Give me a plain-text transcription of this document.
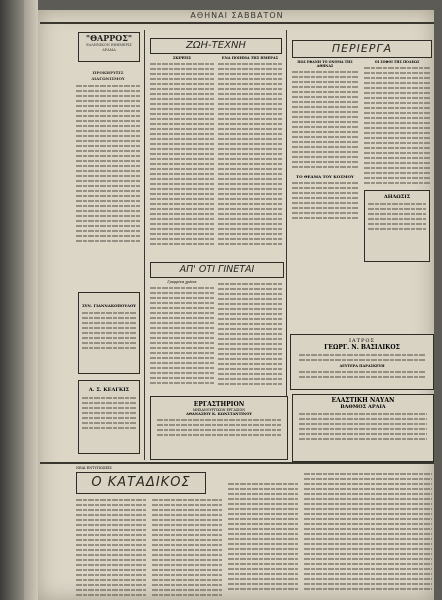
ΑΘΗΝΑΙ ΣΑΒΒΑΤΟΝ
"ΘΑΡΡΟΣ"
ΕΛΛΗΝΙΚΟΝ ΕΦΗΜΕΡΙΣ ΔΡΑΜΑ
ΠΡΟΚΗΡΥΞΙΣ ΔΙΑΓΩΝΙΣΜΟΥ
ΣΥΝ. ΓΙΑΝΝΑΚΟΠΟΥΛΟΥ
Α. Σ. ΚΕΛΓΚΙΣ
ΖΩΗ-ΤΕΧΝΗ
ΣΚΕΨΕΙΣ	ΕΝΑ ΠΟΙΗΜΑ ΤΗΣ ΗΜΕΡΑΣ
ΠΕΡΙΕΡΓΑ
ΠΩΣ ΕΦΑΝΗ ΤΟ ΟΝΟΜΑ ΤΗΣ ΑΘΗΝΑΣ
ΤΟ ΘΕΑΜΑ ΤΟΥ ΚΟΣΜΟΥ
ΟΙ ΣΟΦΟΙ ΤΗΣ ΠΟΛΕΩΣ
ΔΗΛΩΣΙΣ
ΑΠ' ΟΤΙ ΓΙΝΕΤΑΙ
Γραμμένα χρόνια
ΙΑΤΡΟΣ
ΓΕΩΡΓ. Ν. ΒΑΣΙΛΙΚΟΣ
ΔΕΥΤΕΡΑ ΠΑΡΑΣΚΕΥΗ
ΕΡΓΑΣΤΗΡΙΟΝ
ΜΗΧΑΝΟΥΡΓΙΚΩΝ ΕΡΓΑΣΙΩΝ
ΑΘΑΝΑΣΙΟΥ Κ. ΚΩΝΣΤΑΝΤΙΝΟΥ
ΕΛΑΣΤΙΚΗ ΝΑΥΑΝ
ΒΑΘΜΟΣ ΑΡΑΙΑ
ΝΕΑΙ ΕΝΤΥΠΩΣΕΙΣ
Ο ΚΑΤΑΔΙΚΟΣ
